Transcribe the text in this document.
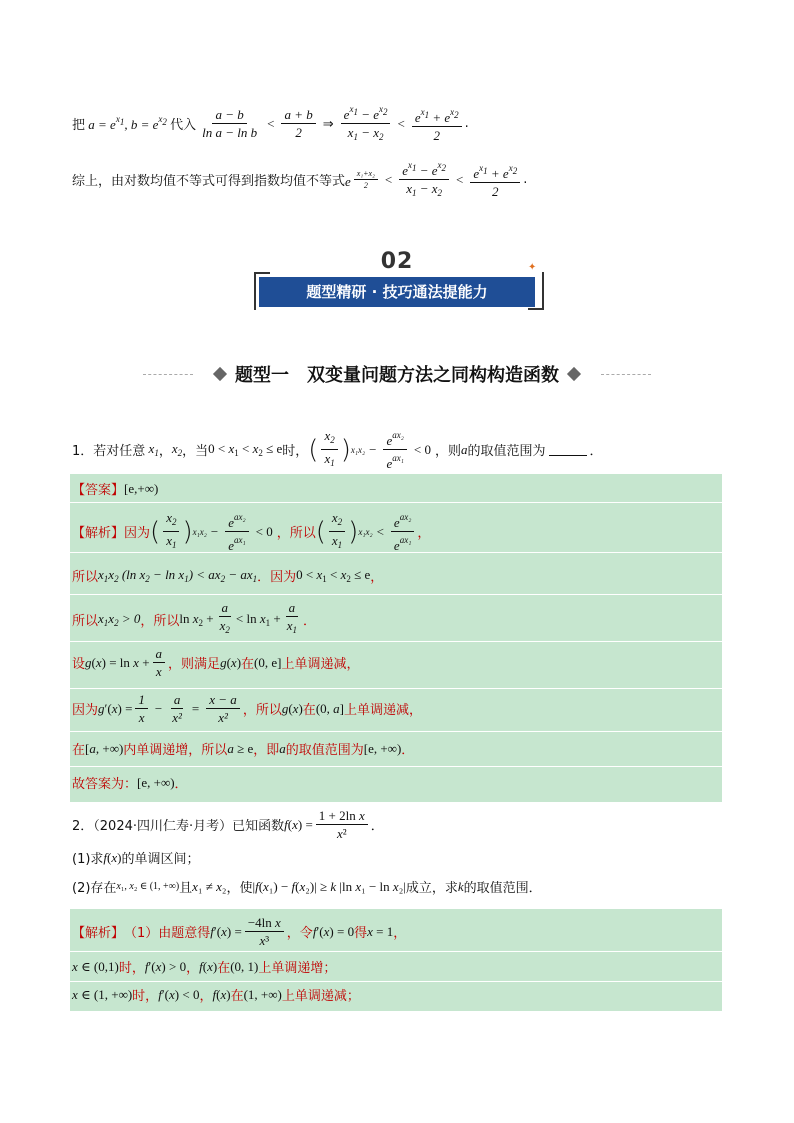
把 $a = e^{x1}$, $b = e^{x2}$ 代入 $\frac{a - b}{\text{ln a − ln b}} < \frac{a + b}{2}$ ⇒ $\frac{e^{x1} - e^{x2}}{x_1 - x_2} < \frac{e^{x1} + e^{x2}}{2}$ .
综上，由对数均值不等式可得到指数均值不等式 e $\frac{\text{x₁+x₂}}{2} < \frac{e^{x1} - e^{x2}}{x_1 - x_2} < \frac{e^{x1} + e^{x2}}{2}$ .
02
题型精研 · 技巧通法提能力
✦
题型一　双变量问题方法之同构构造函数
1．若对任意 $x_1$ ， $x_2$ ，当 $0 < x_1 < x_2 \le e$ 时， ( $\frac{x_2}{x_1}$ ) $x_1x_2 - \frac{e^{ax_2}}{e^{ax_1}} < 0$ ，则 a 的取值范围为	．
【答案】 [e,+∞)
【解析】 因为 ( $\frac{x_2}{x_1}$ ) $x_1x_2 - \frac{e^{ax_2}}{e^{ax_1}} < 0$ ，所以 ( $\frac{x_2}{x_1}$ ) $x_1x_2 < \frac{e^{ax_2}}{e^{ax_1}}$ ，
所以 $x_1x_2$ (ln $x_2 - \ln x_1) < ax_2 - ax_1$ ．因为 $0 < x_1 < x_2 \le e$ ，
所以 $x_1x_2 > 0$ ，所以 $\ln x_2 + \frac{a}{x_2} < \ln x_1 + \frac{a}{x_1}$ ．
设 $g(x) = \ln x + \frac{a}{x}$ ，则满足 g(x) 在 (0, e] 上单调递减，
因为 $g'(x) = \frac{1}{x} - \frac{a}{\text{x²}} = \frac{x - a}{\text{x²}}$ ，所以 g(x) 在 (0, a] 上单调递减，
在 [a, +∞) 内单调递增，所以 a ≥ e ，即 a 的取值范围为 [e, +∞) ．
故答案为： [e, +∞) ．
2．（2024·四川仁寿·月考）已知函数 $f(x) = \frac{\text{1 + 2ln x}}{\text{x²}}$ ．
(1)求 f(x) 的单调区间；
(2)存在 x₁, x₂ ∈ (1, +∞) 且 x₁ ≠ x₂ ，使 |f(x₁) − f(x₂)| ≥ k |ln x₁ − ln x₂| 成立，求 k 的取值范围．
【解析】 （1）由题意得 $f'(x) = \frac{\text{−4ln x}}{\text{x³}}$ ，令 f′(x) = 0 得 x = 1 ，
x ∈ (0,1) 时， f′(x) > 0 ， f(x) 在 (0, 1) 上单调递增；
x ∈ (1, +∞) 时， f′(x) < 0 ， f(x) 在 (1, +∞) 上单调递减；
